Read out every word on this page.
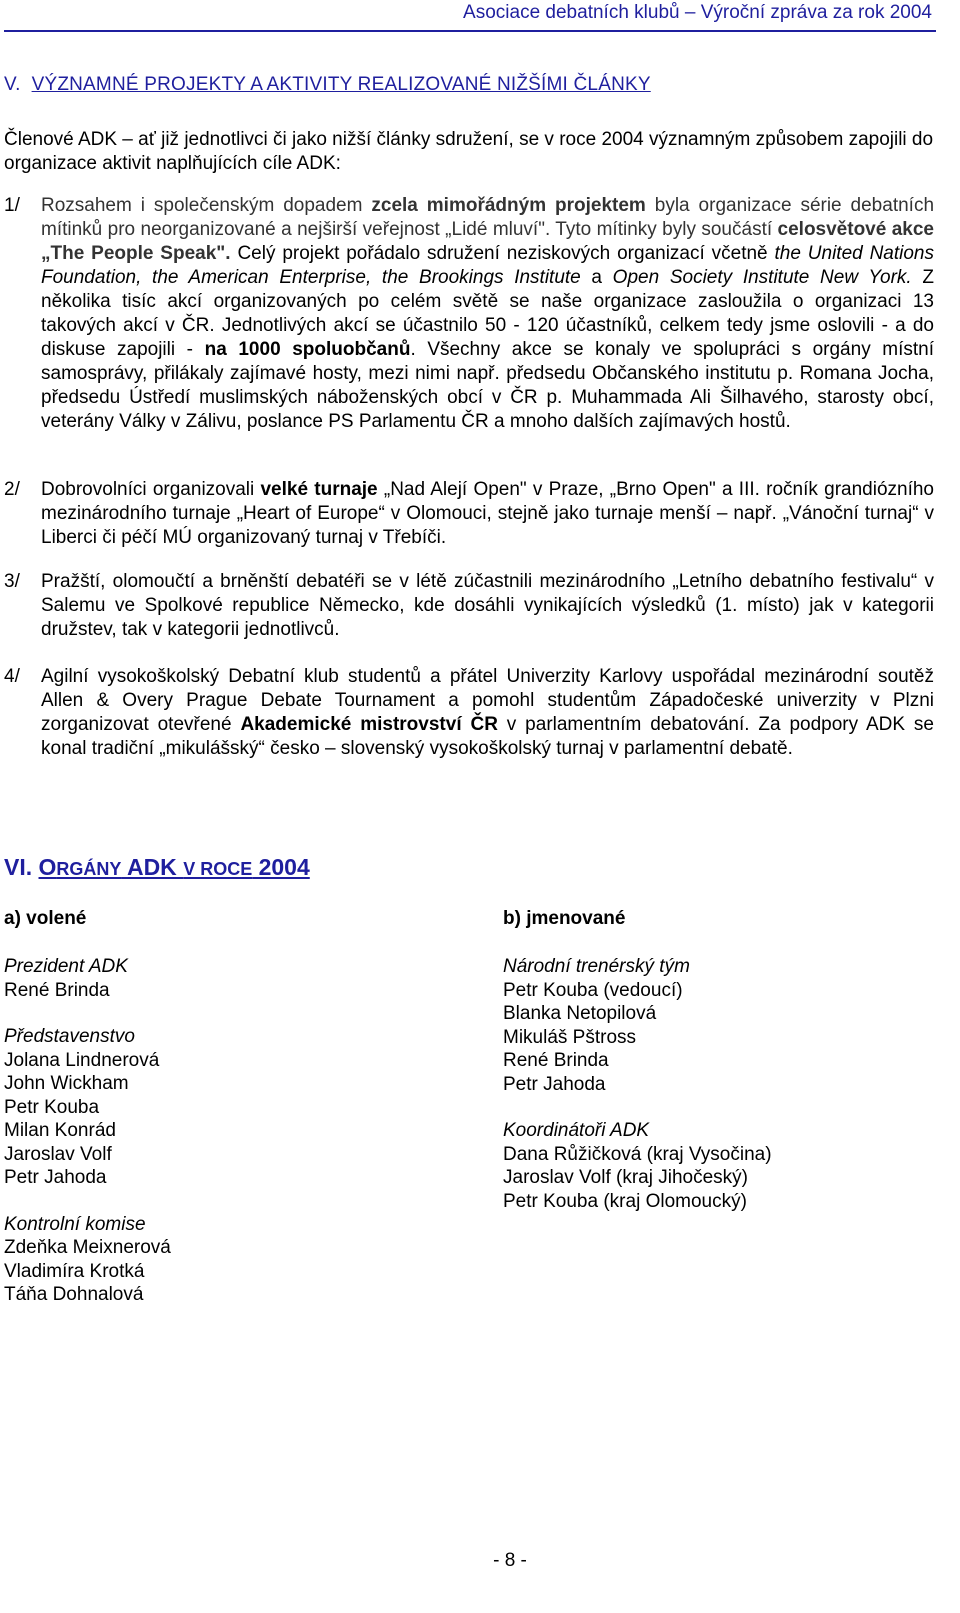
Asociace debatních klubů – Výroční zpráva za rok 2004
V. VÝZNAMNÉ PROJEKTY A AKTIVITY REALIZOVANÉ NIŽŠÍMI ČLÁNKY
Členové ADK – ať již jednotlivci či jako nižší články sdružení, se v roce 2004 významným způsobem zapojili do organizace aktivit naplňujících cíle ADK:
1/	Rozsahem i společenským dopadem zcela mimořádným projektem byla organizace série debatních mítinků pro neorganizované a nejširší veřejnost „Lidé mluví". Tyto mítinky byly součástí celosvětové akce „The People Speak". Celý projekt pořádalo sdružení neziskových organizací včetně the United Nations Foundation, the American Enterprise, the Brookings Institute a Open Society Institute New York. Z několika tisíc akcí organizovaných po celém světě se naše organizace zasloužila o organizaci 13 takových akcí v ČR. Jednotlivých akcí se účastnilo 50 - 120 účastníků, celkem tedy jsme oslovili - a do diskuse zapojili - na 1000 spoluobčanů. Všechny akce se konaly ve spolupráci s orgány místní samosprávy, přilákaly zajímavé hosty, mezi nimi např. předsedu Občanského institutu p. Romana Jocha, předsedu Ústředí muslimských náboženských obcí v ČR p. Muhammada Ali Šilhavého, starosty obcí, veterány Války v Zálivu, poslance PS Parlamentu ČR a mnoho dalších zajímavých hostů.
2/	Dobrovolníci organizovali velké turnaje „Nad Alejí Open" v Praze, „Brno Open" a III. ročník grandiózního mezinárodního turnaje „Heart of Europe“ v Olomouci, stejně jako turnaje menší – např. „Vánoční turnaj“ v Liberci či péčí MÚ organizovaný turnaj v Třebíči.
3/	Pražští, olomoučtí a brněnští debatéři se v létě zúčastnili mezinárodního „Letního debatního festivalu“ v Salemu ve Spolkové republice Německo, kde dosáhli vynikajících výsledků (1. místo) jak v kategorii družstev, tak v kategorii jednotlivců.
4/	Agilní vysokoškolský Debatní klub studentů a přátel Univerzity Karlovy uspořádal mezinárodní soutěž Allen & Overy Prague Debate Tournament a pomohl studentům Západočeské univerzity v Plzni zorganizovat otevřené Akademické mistrovství ČR v parlamentním debatování. Za podpory ADK se konal tradiční „mikulášský“ česko – slovenský vysokoškolský turnaj v parlamentní debatě.
VI. ORGÁNY ADK V ROCE 2004
a) volené	b) jmenované
Prezident ADK
René Brinda
Představenstvo
Jolana Lindnerová
John Wickham
Petr Kouba
Milan Konrád
Jaroslav Volf
Petr Jahoda
Kontrolní komise
Zdeňka Meixnerová
Vladimíra Krotká
Táňa Dohnalová
Národní trenérský tým
Petr Kouba (vedoucí)
Blanka Netopilová
Mikuláš Pštross
René Brinda
Petr Jahoda
Koordinátoři ADK
Dana Růžičková (kraj Vysočina)
Jaroslav Volf (kraj Jihočeský)
Petr Kouba (kraj Olomoucký)
- 8 -
